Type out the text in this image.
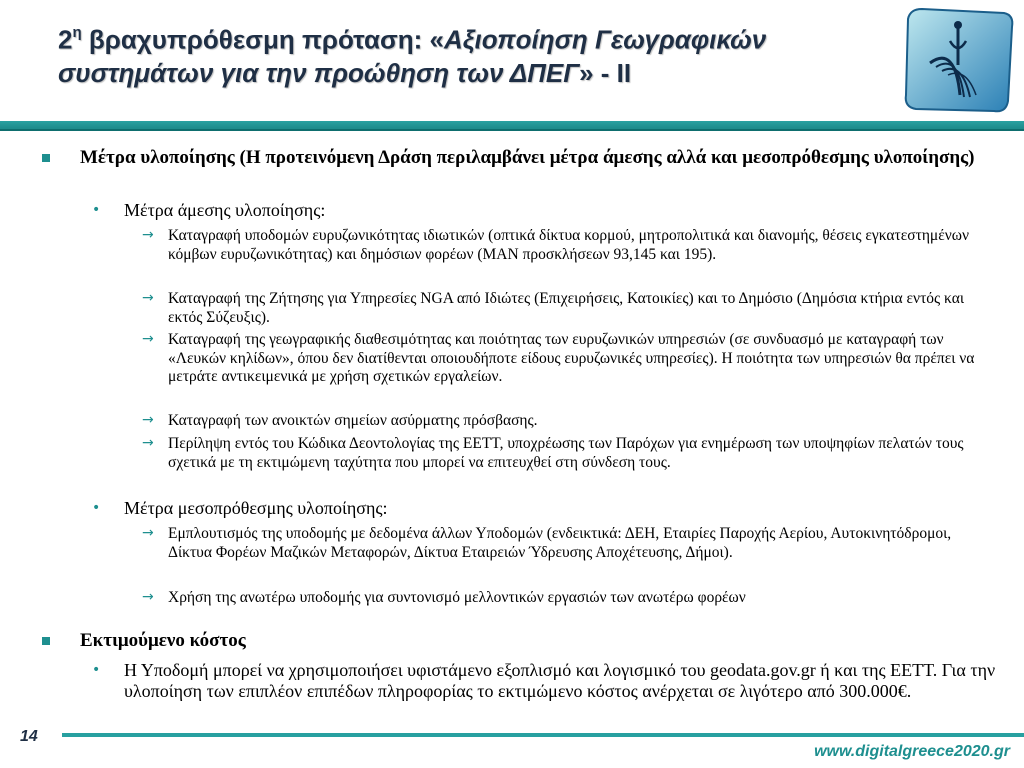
$2^\eta$ βραχυπρόθεσμη πρόταση: «Αξιοποίηση Γεωγραφικών συστημάτων για την προώθηση των ΔΠΕΓ» - ΙΙ
Μέτρα υλοποίησης (Η προτεινόμενη Δράση περιλαμβάνει μέτρα άμεσης αλλά και μεσοπρόθεσμης υλοποίησης)
• Μέτρα άμεσης υλοποίησης:
→ Καταγραφή υποδομών ευρυζωνικότητας ιδιωτικών (οπτικά δίκτυα κορμού, μητροπολιτικά και διανομής, θέσεις εγκατεστημένων κόμβων ευρυζωνικότητας) και δημόσιων φορέων (ΜΑΝ προσκλήσεων 93,145 και 195).
→ Καταγραφή της Ζήτησης για Υπηρεσίες NGA από Ιδιώτες (Επιχειρήσεις, Κατοικίες) και το Δημόσιο (Δημόσια κτήρια εντός και εκτός Σύζευξις).
→ Καταγραφή της γεωγραφικής διαθεσιμότητας και ποιότητας των ευρυζωνικών υπηρεσιών (σε συνδυασμό με καταγραφή των «Λευκών κηλίδων», όπου δεν διατίθενται οποιουδήποτε είδους ευρυζωνικές υπηρεσίες). Η ποιότητα των υπηρεσιών θα πρέπει να μετράτε αντικειμενικά με χρήση σχετικών εργαλείων.
→ Καταγραφή των ανοικτών σημείων ασύρματης πρόσβασης.
→ Περίληψη εντός του Κώδικα Δεοντολογίας της ΕΕΤΤ, υποχρέωσης των Παρόχων για ενημέρωση των υποψηφίων πελατών τους σχετικά με τη εκτιμώμενη ταχύτητα που μπορεί να επιτευχθεί στη σύνδεση τους.
• Μέτρα μεσοπρόθεσμης υλοποίησης:
→ Εμπλουτισμός της υποδομής με δεδομένα άλλων Υποδομών (ενδεικτικά: ΔΕΗ, Εταιρίες Παροχής Αερίου, Αυτοκινητόδρομοι, Δίκτυα Φορέων Μαζικών Μεταφορών, Δίκτυα Εταιρειών Ύδρευσης Αποχέτευσης, Δήμοι).
→ Χρήση της ανωτέρω υποδομής για συντονισμό μελλοντικών εργασιών των ανωτέρω φορέων
Εκτιμούμενο κόστος
• Η Υποδομή μπορεί να χρησιμοποιήσει υφιστάμενο εξοπλισμό και λογισμικό του geodata.gov.gr ή και της ΕΕΤΤ. Για την υλοποίηση των επιπλέον επιπέδων πληροφορίας το εκτιμώμενο κόστος ανέρχεται σε λιγότερο από 300.000€.
14
www.digitalgreece2020.gr
